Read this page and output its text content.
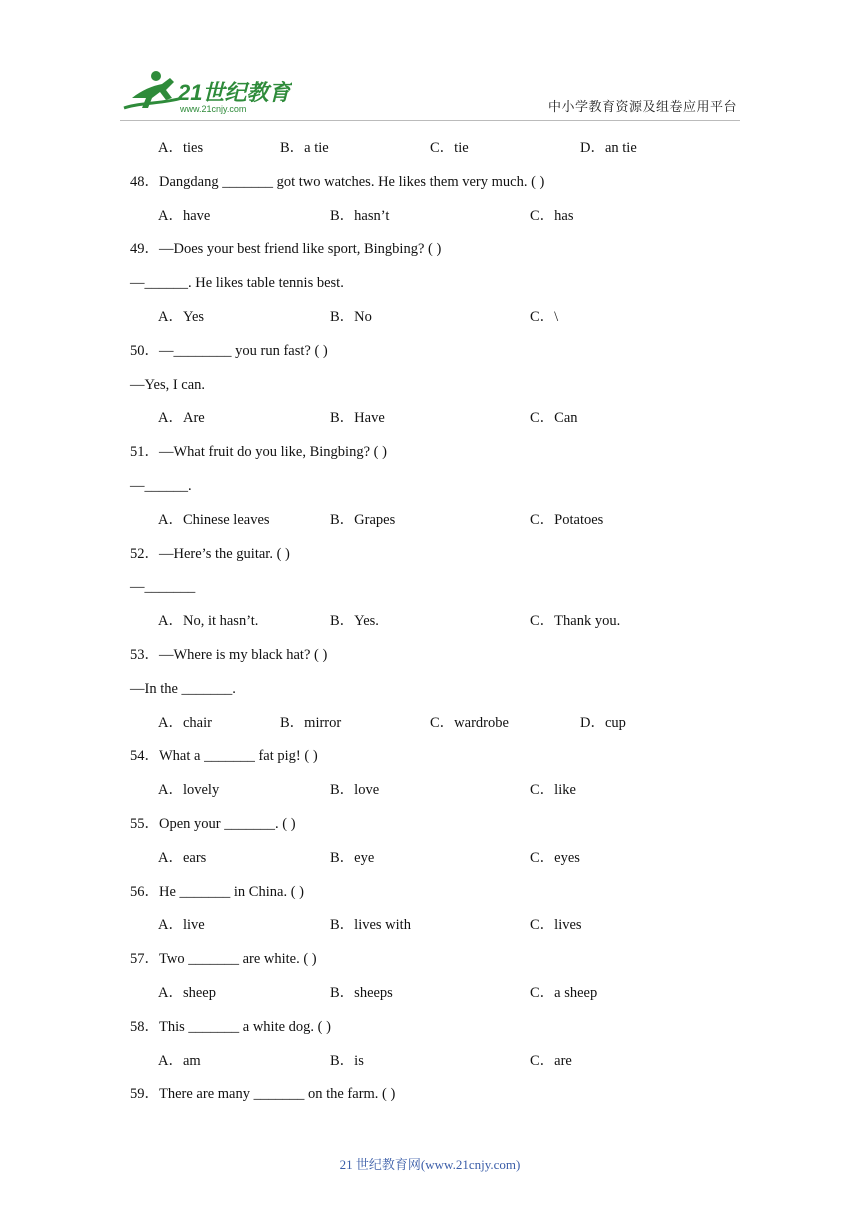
21世纪教育
www.21cnjy.com	中小学教育资源及组卷应用平台
A．ties	B．a tie	C．tie	D．an tie
48．Dangdang _______ got two watches. He likes them very much. ( )
A．have	B．hasn’t	C．has
49．—Does your best friend like sport, Bingbing? ( )
—______. He likes table tennis best.
A．Yes	B．No	C．\
50．—________ you run fast? ( )
—Yes, I can.
A．Are	B．Have	C．Can
51．—What fruit do you like, Bingbing? ( )
—______.
A．Chinese leaves	B．Grapes	C．Potatoes
52．—Here’s the guitar. ( )
—_______
A．No, it hasn’t.	B．Yes.	C．Thank you.
53．—Where is my black hat? ( )
—In the _______.
A．chair	B．mirror	C．wardrobe	D．cup
54．What a _______ fat pig! ( )
A．lovely	B．love	C．like
55．Open your _______. ( )
A．ears	B．eye	C．eyes
56．He _______ in China. ( )
A．live	B．lives with	C．lives
57．Two _______ are white. ( )
A．sheep	B．sheeps	C．a sheep
58．This _______ a white dog. ( )
A．am	B．is	C．are
59．There are many _______ on the farm. ( )
21 世纪教育网(www.21cnjy.com)
